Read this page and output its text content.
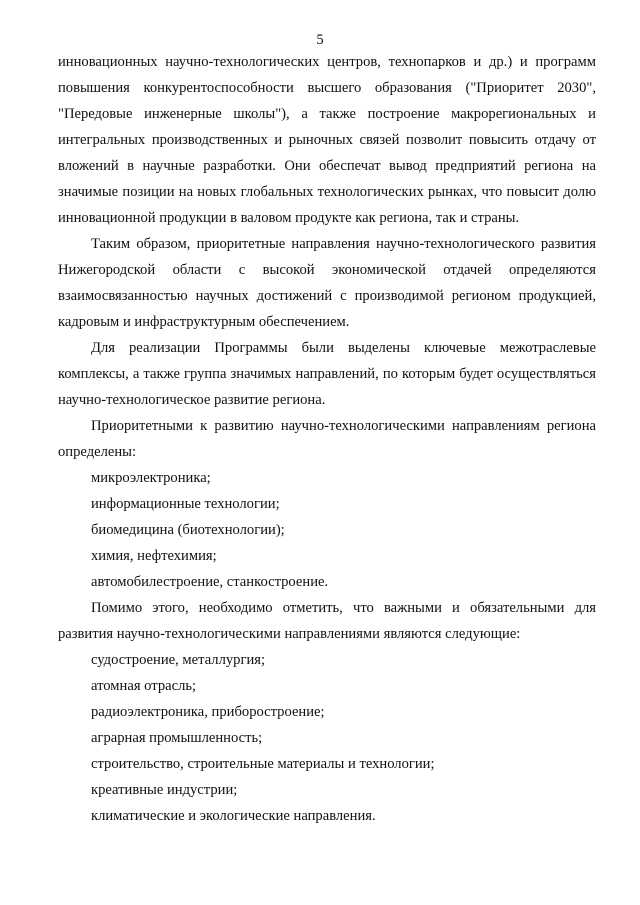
5

инновационных научно-технологических центров, технопарков и др.) и программ повышения конкурентоспособности высшего образования ("Приоритет 2030", "Передовые инженерные школы"), а также построение макрорегиональных и интегральных производственных и рыночных связей позволит повысить отдачу от вложений в научные разработки. Они обеспечат вывод предприятий региона на значимые позиции на новых глобальных технологических рынках, что повысит долю инновационной продукции в валовом продукте как региона, так и страны.

Таким образом, приоритетные направления научно-технологического развития Нижегородской области с высокой экономической отдачей определяются взаимосвязанностью научных достижений с производимой регионом продукцией, кадровым и инфраструктурным обеспечением.

Для реализации Программы были выделены ключевые межотраслевые комплексы, а также группа значимых направлений, по которым будет осуществляться научно-технологическое развитие региона.

Приоритетными к развитию научно-технологическими направлениям региона определены:

микроэлектроника;

информационные технологии;

биомедицина (биотехнологии);

химия, нефтехимия;

автомобилестроение, станкостроение.

Помимо этого, необходимо отметить, что важными и обязательными для развития научно-технологическими направлениями являются следующие:

судостроение, металлургия;

атомная отрасль;

радиоэлектроника, приборостроение;

аграрная промышленность;

строительство, строительные материалы и технологии;

креативные индустрии;

климатические и экологические направления.
